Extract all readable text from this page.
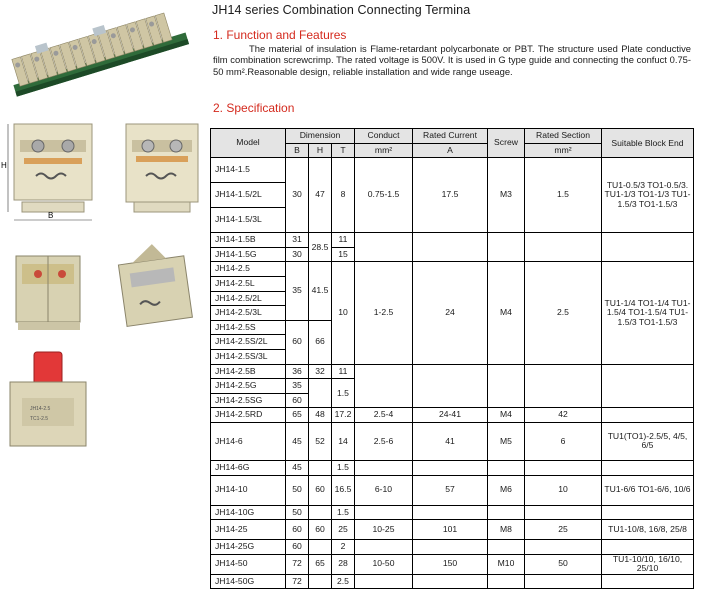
JH14 series Combination Connecting Termina
1. Function and Features
The material of insulation is Flame-retardant polycarbonate or PBT. The structure used Plate conductive film combination screwcrimp. The rated voltage is 500V. It is used in G type guide and connecting the confuct 0.75-50 mm².Reasonable design, reliable installation and wide range useage.
2. Specification
H
B
JH14-2.5
TC1-2.5
Model	Dimension			Conduct	Rated Current	Screw	Rated Section	Suitable Block End
	B	H	T	mm²	A		mm²	
JH14-1.5	30	47	8	0.75-1.5	17.5	M3	1.5	TU1-0.5/3 TO1-0.5/3. TU1-1/3 TO1-1/3 TU1-1.5/3 TO1-1.5/3
JH14-1.5/2L								
JH14-1.5/3L								
JH14-1.5B	31	28.5	11					
JH14-1.5G	30		15					
JH14-2.5	35	41.5	10	1-2.5	24	M4	2.5	TU1-1/4 TO1-1/4 TU1-1.5/4 TO1-1.5/4 TU1-1.5/3 TO1-1.5/3
JH14-2.5L								
JH14-2.5/2L								
JH14-2.5/3L								
JH14-2.5S	60	66						
JH14-2.5S/2L								
JH14-2.5S/3L								
JH14-2.5B	36	32	11					
JH14-2.5G	35		1.5					
JH14-2.5SG	60							
JH14-2.5RD	65	48	17.2	2.5-4	24-41	M4	42	
JH14-6	45	52	14	2.5-6	41	M5	6	TU1(TO1)-2.5/5, 4/5, 6/5
JH14-6G	45		1.5					
JH14-10	50	60	16.5	6-10	57	M6	10	TU1-6/6 TO1-6/6, 10/6
JH14-10G	50		1.5					
JH14-25	60	60	25	10-25	101	M8	25	TU1-10/8, 16/8, 25/8
JH14-25G	60		2					
JH14-50	72	65	28	10-50	150	M10	50	TU1-10/10, 16/10, 25/10
JH14-50G	72		2.5					
